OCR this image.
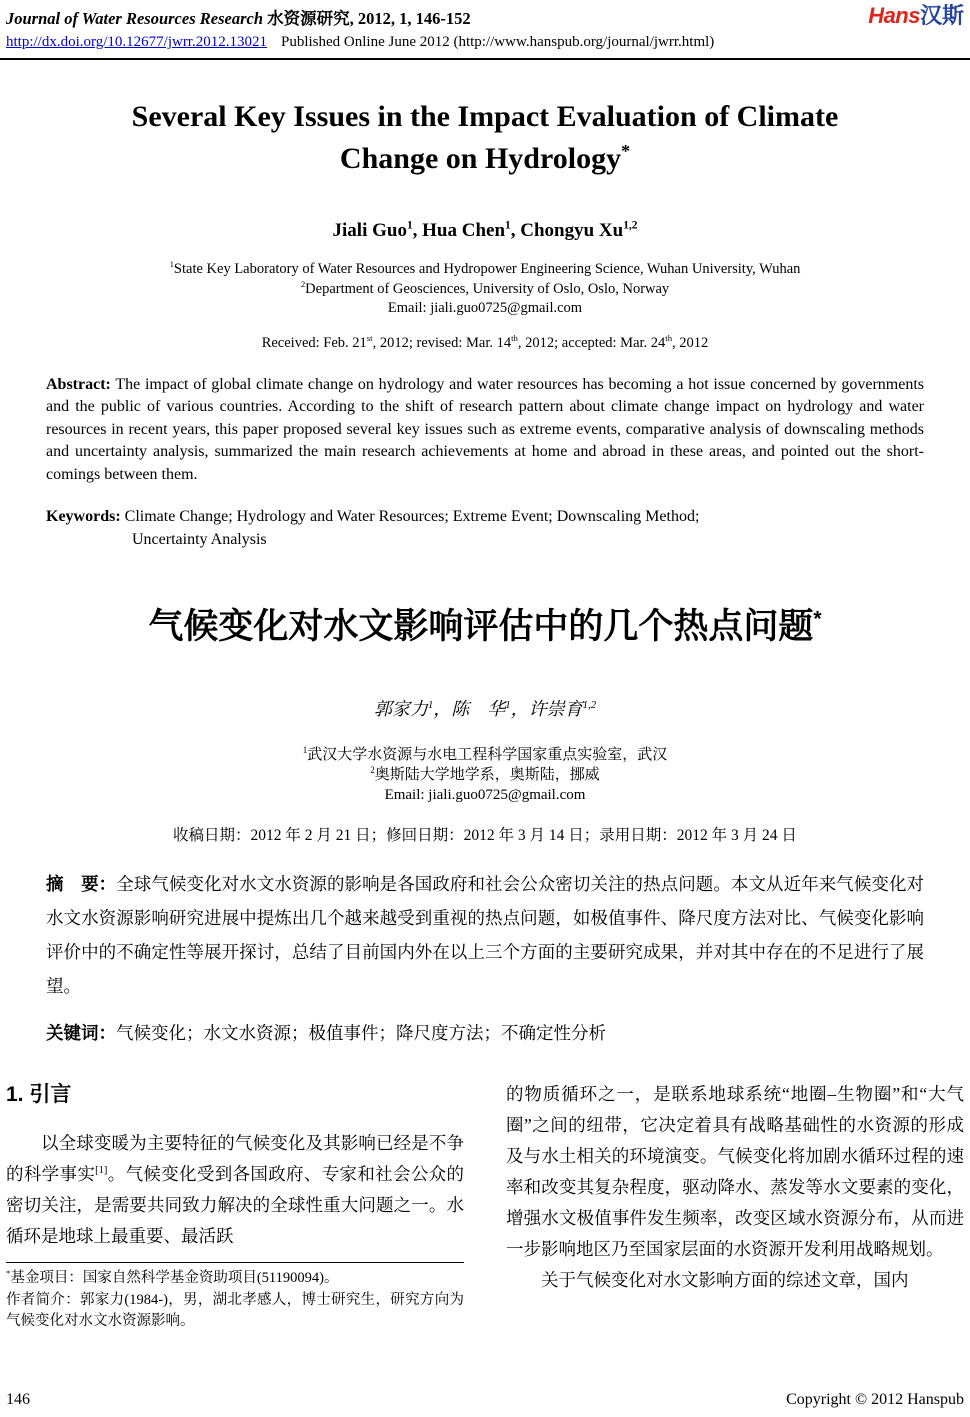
Journal of Water Resources Research 水资源研究, 2012, 1, 146-152	Hans汉斯
http://dx.doi.org/10.12677/jwrr.2012.13021 Published Online June 2012 (http://www.hanspub.org/journal/jwrr.html)
Several Key Issues in the Impact Evaluation of Climate Change on Hydrology*
Jiali Guo$^1$, Hua Chen$^1$, Chongyu Xu$^{1,2}$
$^1$State Key Laboratory of Water Resources and Hydropower Engineering Science, Wuhan University, Wuhan
$^2$Department of Geosciences, University of Oslo, Oslo, Norway
Email: jiali.guo0725@gmail.com
Received: Feb. 21st, 2012; revised: Mar. 14th, 2012; accepted: Mar. 24th, 2012

Abstract: The impact of global climate change on hydrology and water resources has becoming a hot issue concerned by governments and the public of various countries. According to the shift of research pattern about climate change impact on hydrology and water resources in recent years, this paper proposed several key issues such as extreme events, comparative analysis of downscaling methods and uncertainty analysis, summarized the main research achievements at home and abroad in these areas, and pointed out the short-comings between them.

Keywords: Climate Change; Hydrology and Water Resources; Extreme Event; Downscaling Method;
Uncertainty Analysis

气候变化对水文影响评估中的几个热点问题*
郭家力$^1$，陈　华$^1$，许崇育$^{1,2}$
$^1$武汉大学水资源与水电工程科学国家重点实验室，武汉
$^2$奥斯陆大学地学系，奥斯陆，挪威
Email: jiali.guo0725@gmail.com
收稿日期：2012 年 2 月 21 日；修回日期：2012 年 3 月 14 日；录用日期：2012 年 3 月 24 日

摘　要：全球气候变化对水文水资源的影响是各国政府和社会公众密切关注的热点问题。本文从近年来气候变化对水文水资源影响研究进展中提炼出几个越来越受到重视的热点问题，如极值事件、降尺度方法对比、气候变化影响评价中的不确定性等展开探讨，总结了目前国内外在以上三个方面的主要研究成果，并对其中存在的不足进行了展望。

关键词：气候变化；水文水资源；极值事件；降尺度方法；不确定性分析

1. 引言

以全球变暖为主要特征的气候变化及其影响已经是不争的科学事实[1]。气候变化受到各国政府、专家和社会公众的密切关注，是需要共同致力解决的全球性重大问题之一。水循环是地球上最重要、最活跃

*基金项目：国家自然科学基金资助项目(51190094)。
作者简介：郭家力(1984-)，男，湖北孝感人，博士研究生，研究方向为气候变化对水文水资源影响。

的物质循环之一，是联系地球系统“地圈–生物圈”和“大气圈”之间的纽带，它决定着具有战略基础性的水资源的形成及与水土相关的环境演变。气候变化将加剧水循环过程的速率和改变其复杂程度，驱动降水、蒸发等水文要素的变化，增强水文极值事件发生频率，改变区域水资源分布，从而进一步影响地区乃至国家层面的水资源开发利用战略规划。

关于气候变化对水文影响方面的综述文章，国内

146	Copyright © 2012 Hanspub
